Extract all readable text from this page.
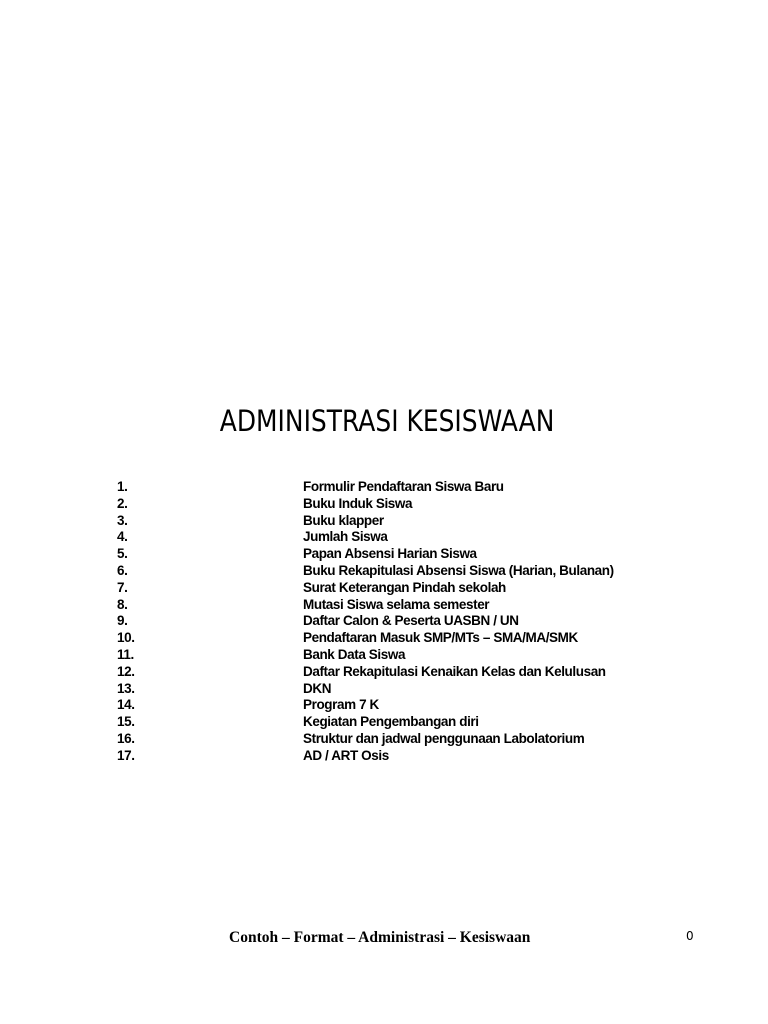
ADMINISTRASI KESISWAAN
1.	Formulir Pendaftaran Siswa Baru
2.	Buku Induk Siswa
3.	Buku klapper
4.	Jumlah Siswa
5.	Papan Absensi Harian Siswa
6.	Buku Rekapitulasi Absensi Siswa (Harian, Bulanan)
7.	Surat Keterangan Pindah sekolah
8.	Mutasi Siswa selama semester
9.	Daftar Calon & Peserta UASBN / UN
10.	Pendaftaran Masuk SMP/MTs – SMA/MA/SMK
11.	Bank Data Siswa
12.	Daftar Rekapitulasi Kenaikan Kelas dan Kelulusan
13.	DKN
14.	Program 7 K
15.	Kegiatan Pengembangan diri
16.	Struktur dan jadwal penggunaan Labolatorium
17.	AD / ART Osis
Contoh – Format – Administrasi – Kesiswaan	0
